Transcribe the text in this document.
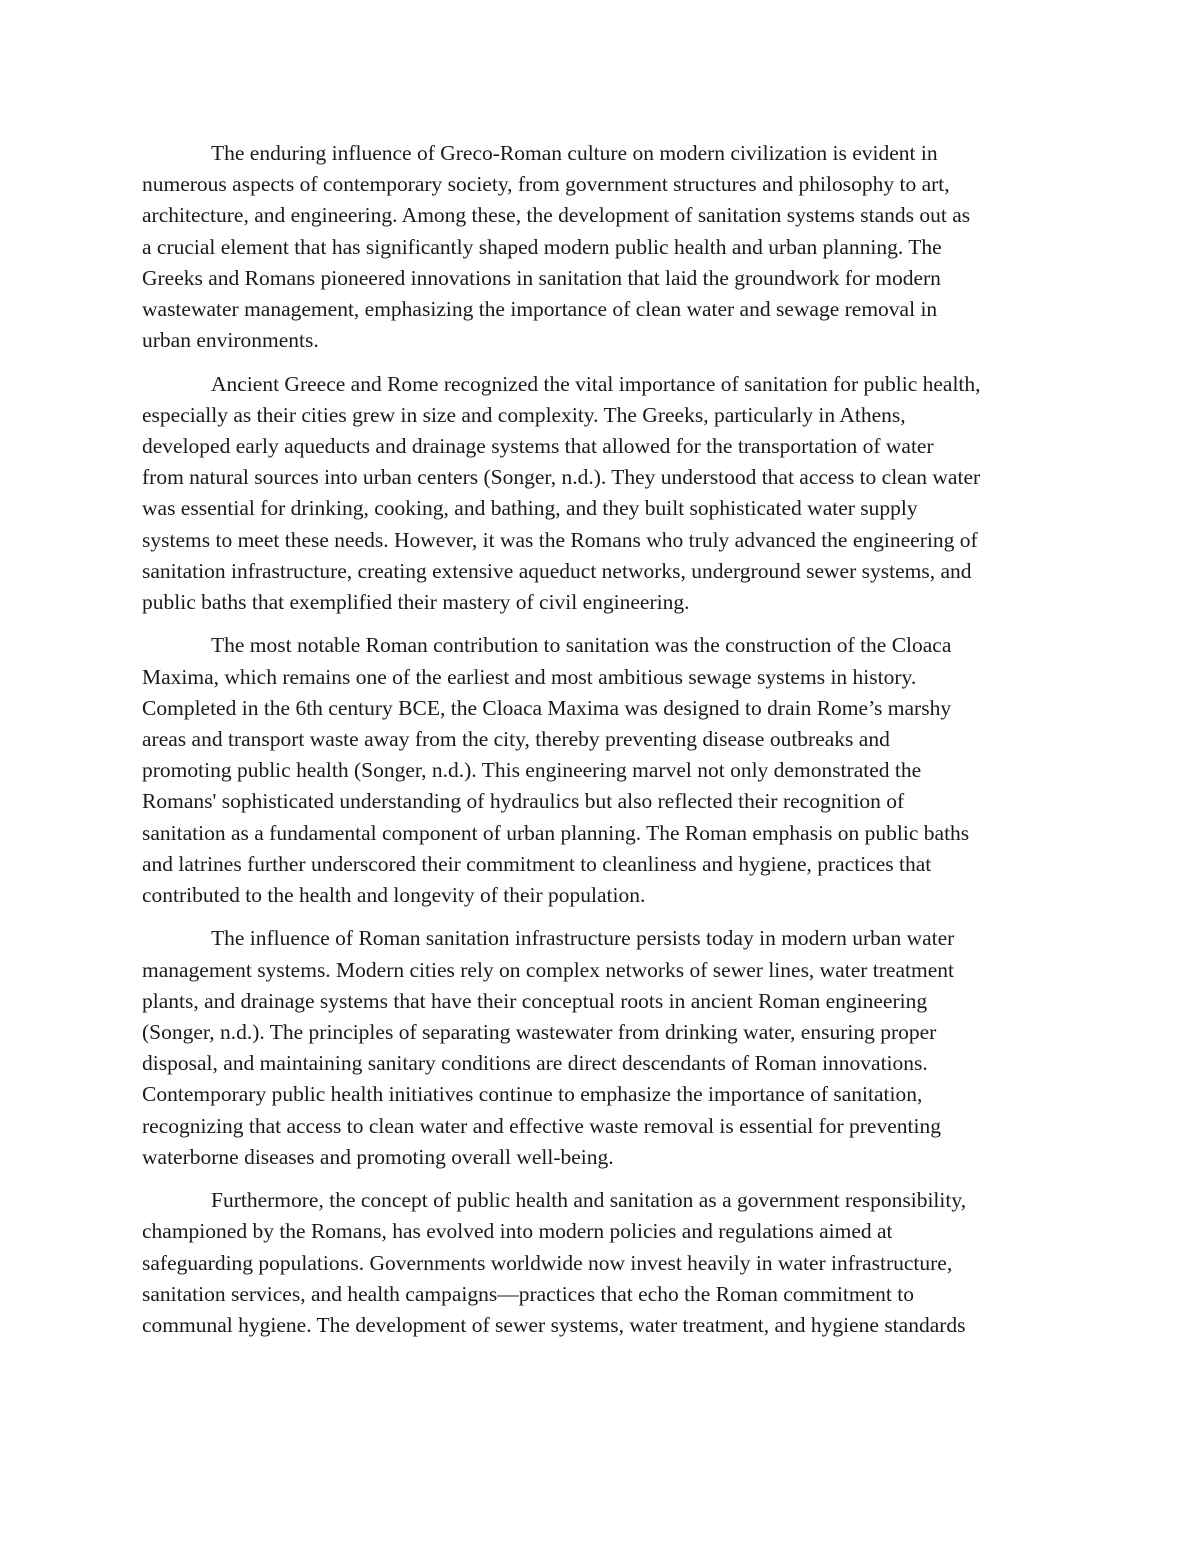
The enduring influence of Greco-Roman culture on modern civilization is evident in
numerous aspects of contemporary society, from government structures and philosophy to art,
architecture, and engineering. Among these, the development of sanitation systems stands out as
a crucial element that has significantly shaped modern public health and urban planning. The
Greeks and Romans pioneered innovations in sanitation that laid the groundwork for modern
wastewater management, emphasizing the importance of clean water and sewage removal in
urban environments.
Ancient Greece and Rome recognized the vital importance of sanitation for public health,
especially as their cities grew in size and complexity. The Greeks, particularly in Athens,
developed early aqueducts and drainage systems that allowed for the transportation of water
from natural sources into urban centers (Songer, n.d.). They understood that access to clean water
was essential for drinking, cooking, and bathing, and they built sophisticated water supply
systems to meet these needs. However, it was the Romans who truly advanced the engineering of
sanitation infrastructure, creating extensive aqueduct networks, underground sewer systems, and
public baths that exemplified their mastery of civil engineering.
The most notable Roman contribution to sanitation was the construction of the Cloaca
Maxima, which remains one of the earliest and most ambitious sewage systems in history.
Completed in the 6th century BCE, the Cloaca Maxima was designed to drain Rome’s marshy
areas and transport waste away from the city, thereby preventing disease outbreaks and
promoting public health (Songer, n.d.). This engineering marvel not only demonstrated the
Romans' sophisticated understanding of hydraulics but also reflected their recognition of
sanitation as a fundamental component of urban planning. The Roman emphasis on public baths
and latrines further underscored their commitment to cleanliness and hygiene, practices that
contributed to the health and longevity of their population.
The influence of Roman sanitation infrastructure persists today in modern urban water
management systems. Modern cities rely on complex networks of sewer lines, water treatment
plants, and drainage systems that have their conceptual roots in ancient Roman engineering
(Songer, n.d.). The principles of separating wastewater from drinking water, ensuring proper
disposal, and maintaining sanitary conditions are direct descendants of Roman innovations.
Contemporary public health initiatives continue to emphasize the importance of sanitation,
recognizing that access to clean water and effective waste removal is essential for preventing
waterborne diseases and promoting overall well-being.
Furthermore, the concept of public health and sanitation as a government responsibility,
championed by the Romans, has evolved into modern policies and regulations aimed at
safeguarding populations. Governments worldwide now invest heavily in water infrastructure,
sanitation services, and health campaigns—practices that echo the Roman commitment to
communal hygiene. The development of sewer systems, water treatment, and hygiene standards
